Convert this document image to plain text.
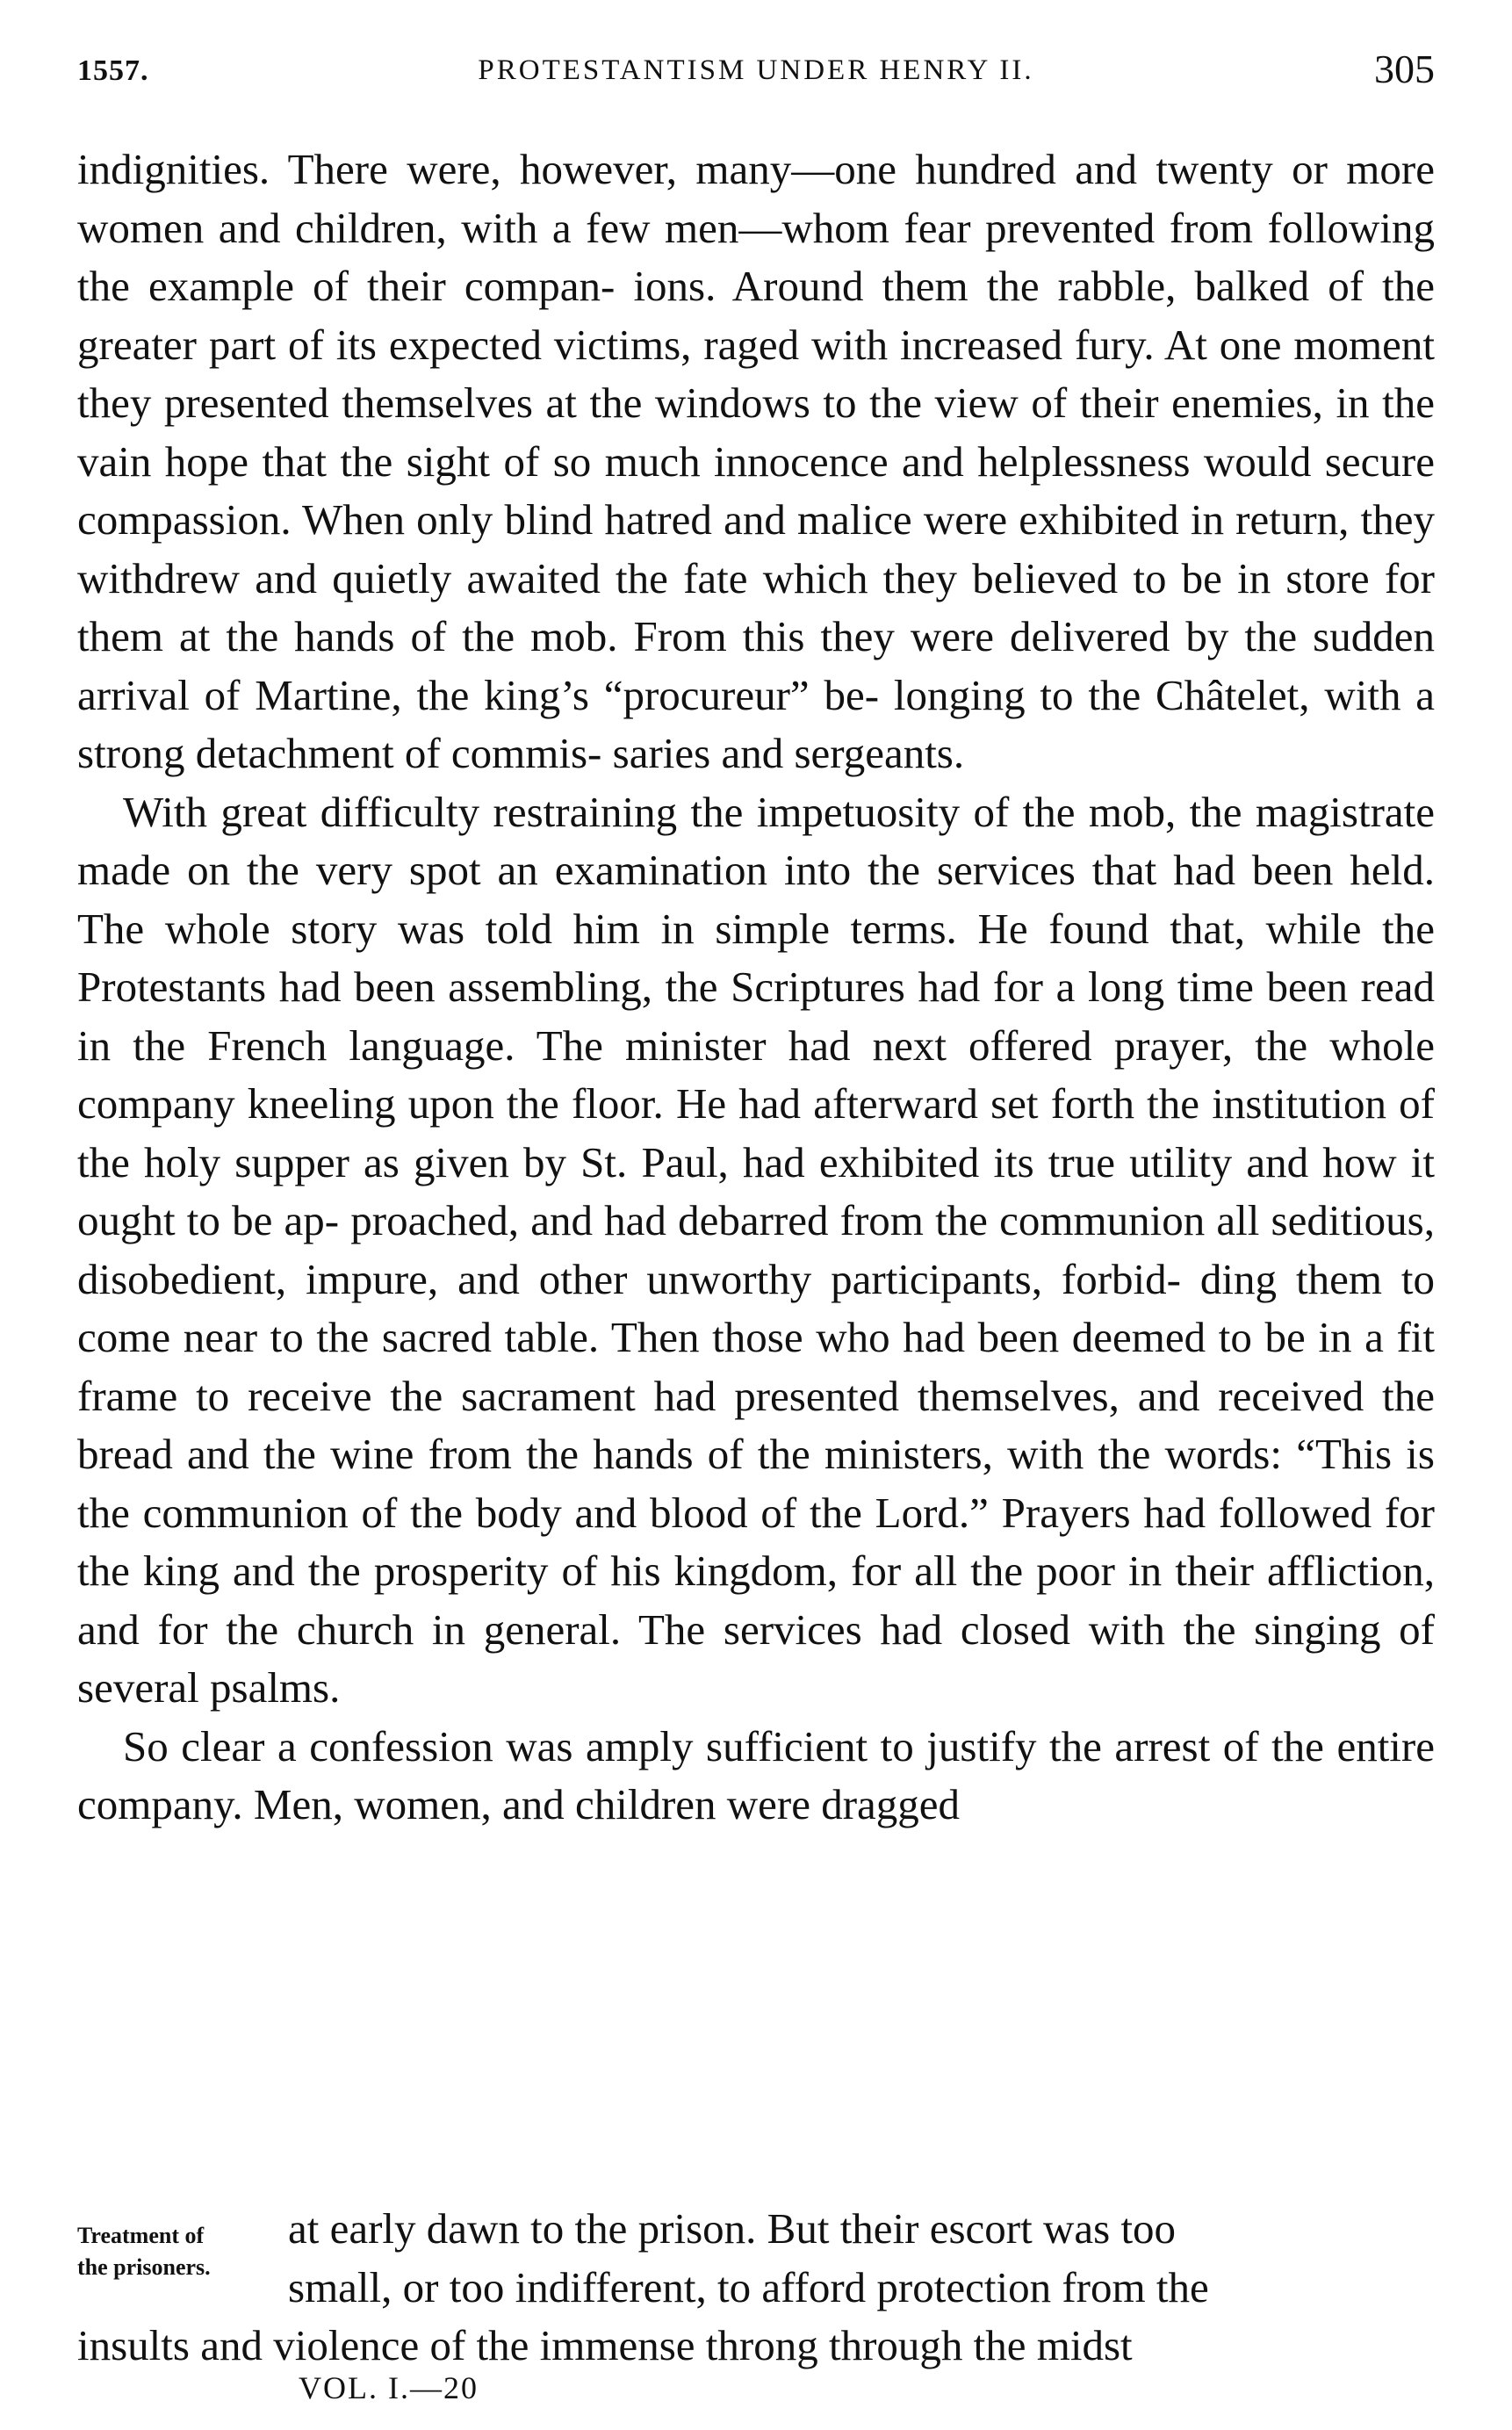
1557.	PROTESTANTISM UNDER HENRY II.	305

indignities. There were, however, many—one hundred and twenty or more women and children, with a few men—whom fear prevented from following the example of their compan- ions. Around them the rabble, balked of the greater part of its expected victims, raged with increased fury. At one moment they presented themselves at the windows to the view of their enemies, in the vain hope that the sight of so much innocence and helplessness would secure compassion. When only blind hatred and malice were exhibited in return, they withdrew and quietly awaited the fate which they believed to be in store for them at the hands of the mob. From this they were delivered by the sudden arrival of Martine, the king’s “procureur” be- longing to the Châtelet, with a strong detachment of commis- saries and sergeants.

With great difficulty restraining the impetuosity of the mob, the magistrate made on the very spot an examination into the services that had been held. The whole story was told him in simple terms. He found that, while the Protestants had been assembling, the Scriptures had for a long time been read in the French language. The minister had next offered prayer, the whole company kneeling upon the floor. He had afterward set forth the institution of the holy supper as given by St. Paul, had exhibited its true utility and how it ought to be ap- proached, and had debarred from the communion all seditious, disobedient, impure, and other unworthy participants, forbid- ding them to come near to the sacred table. Then those who had been deemed to be in a fit frame to receive the sacrament had presented themselves, and received the bread and the wine from the hands of the ministers, with the words: “This is the communion of the body and blood of the Lord.” Prayers had followed for the king and the prosperity of his kingdom, for all the poor in their affliction, and for the church in general. The services had closed with the singing of several psalms.

So clear a confession was amply sufficient to justify the arrest of the entire company. Men, women, and children were dragged

at early dawn to the prison. But their escort was too
small, or too indifferent, to afford protection from the
insults and violence of the immense throng through the midst
Treatment of
the prisoners.
VOL. I.—20
